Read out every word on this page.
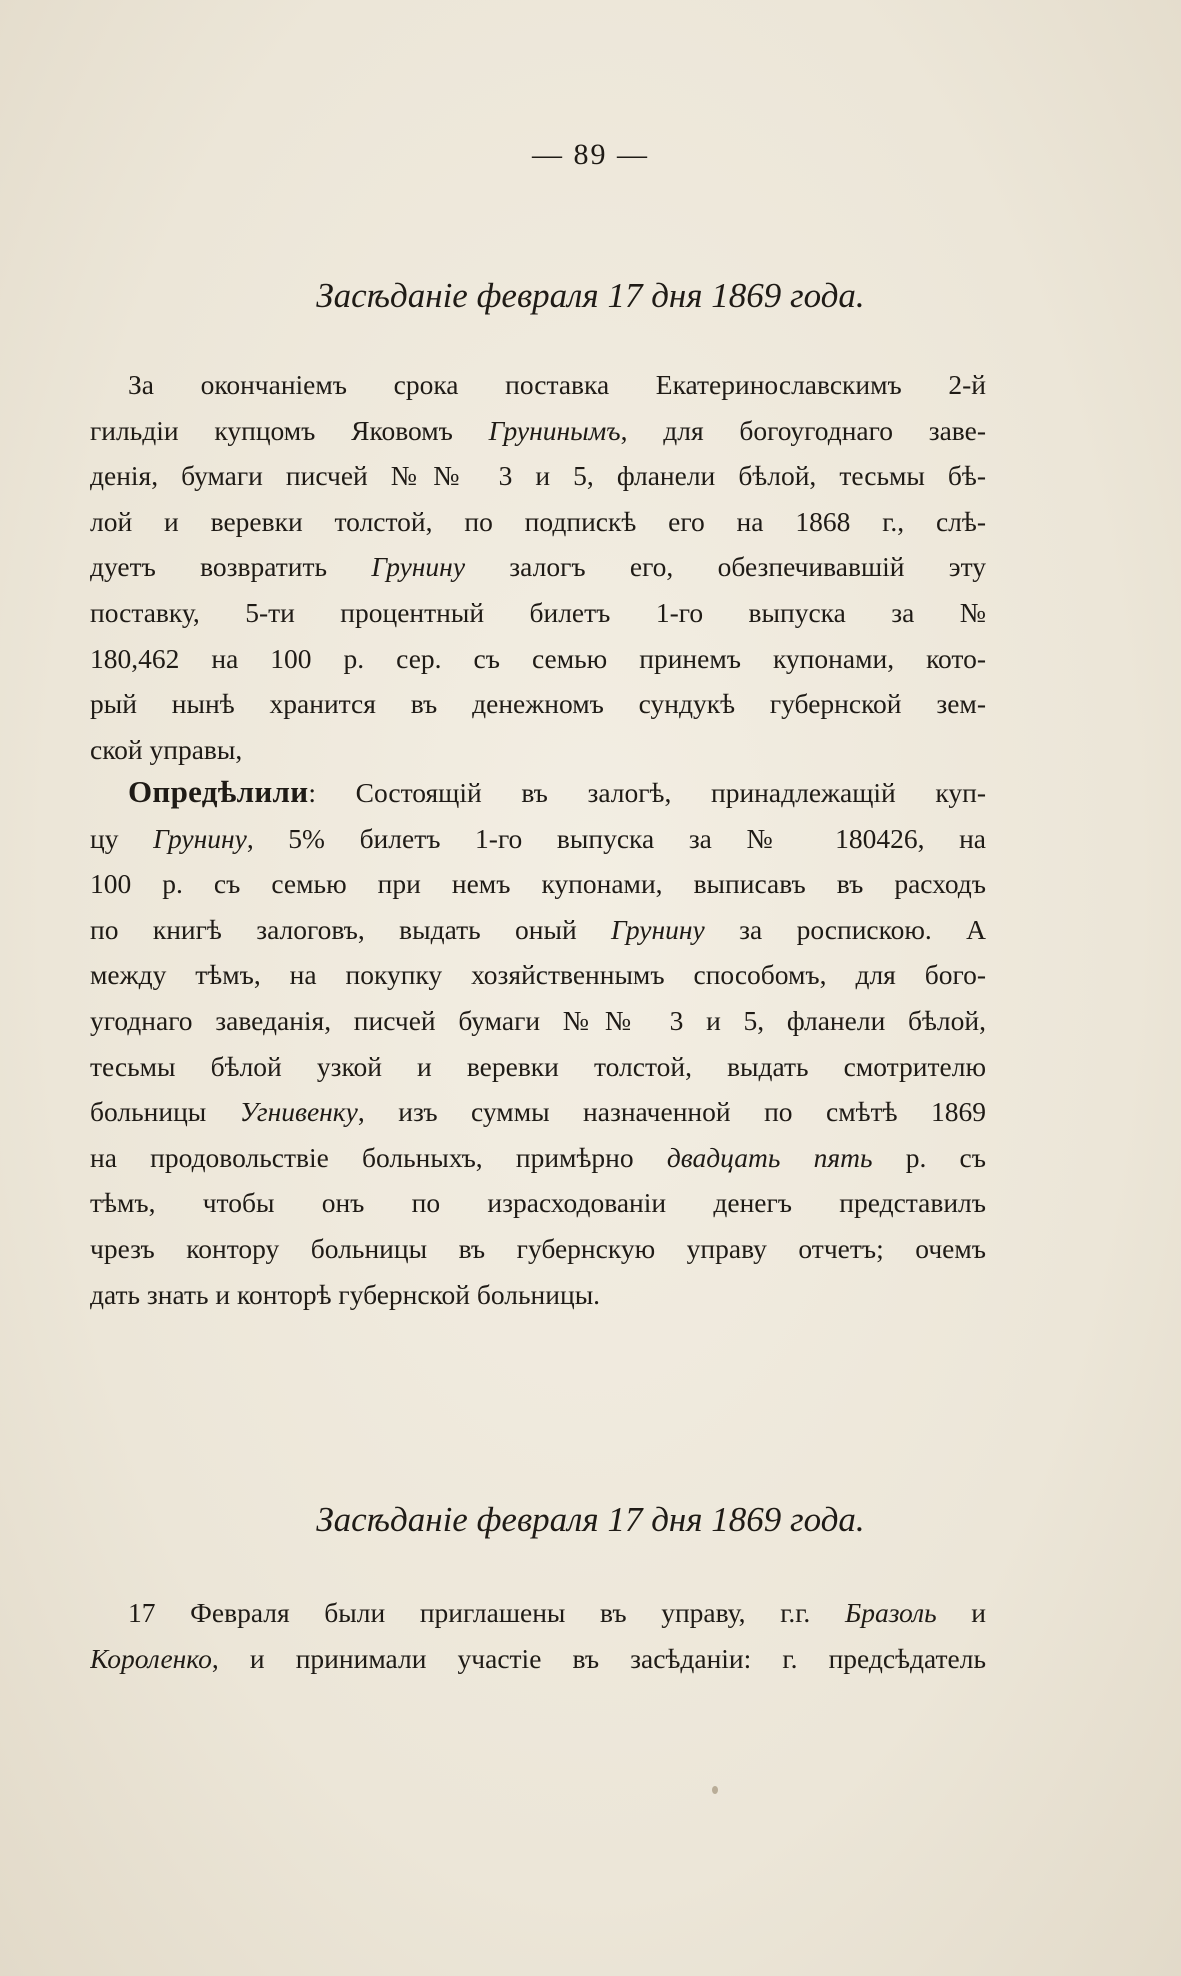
— 89 —
Засѣданіе февраля 17 дня 1869 года.
За окончаніемъ срока поставка Екатеринославскимъ 2-й
гильдіи купцомъ Яковомъ Грунинымъ, для богоугоднаго заве-
денія, бумаги писчей №№ 3 и 5, фланели бѣлой, тесьмы бѣ-
лой и веревки толстой, по подпискѣ его на 1868 г., слѣ-
дуетъ возвратить Грунину залогъ его, обезпечивавшій эту
поставку, 5-ти процентный билетъ 1-го выпуска за №
180,462 на 100 р. сер. съ семью принемъ купонами, кото-
рый нынѣ хранится въ денежномъ сундукѣ губернской зем-
ской управы,
Опредѣлили: Состоящій въ залогѣ, принадлежащій куп-
цу Грунину, 5% билетъ 1-го выпуска за № 180426, на
100 р. съ семью при немъ купонами, выписавъ въ расходъ
по книгѣ залоговъ, выдать оный Грунину за роспискою. А
между тѣмъ, на покупку хозяйственнымъ способомъ, для бого-
угоднаго заведанія, писчей бумаги №№ 3 и 5, фланели бѣлой,
тесьмы бѣлой узкой и веревки толстой, выдать смотрителю
больницы Угнивенку, изъ суммы назначенной по смѣтѣ 1869
на продовольствіе больныхъ, примѣрно двадцать пять р. съ
тѣмъ, чтобы онъ по израсходованіи денегъ представилъ
чрезъ контору больницы въ губернскую управу отчетъ; очемъ
дать знать и конторѣ губернской больницы.
Засѣданіе февраля 17 дня 1869 года.
17 Февраля были приглашены въ управу, г.г. Бразоль и
Короленко, и принимали участіе въ засѣданіи: г. предсѣдатель
